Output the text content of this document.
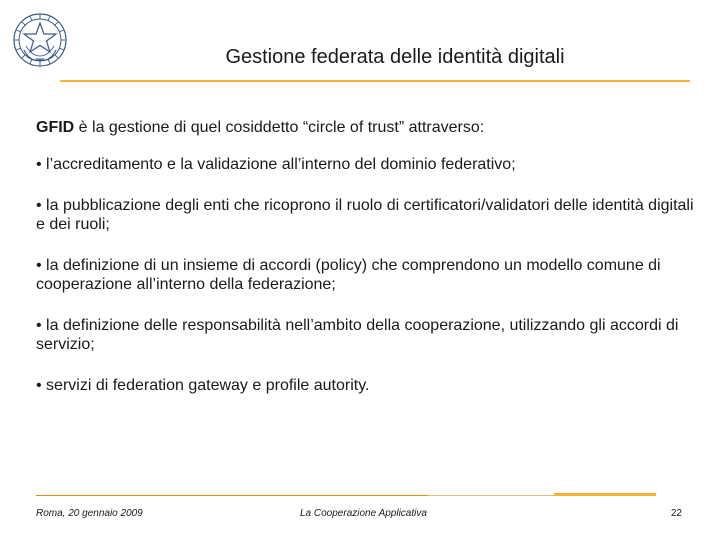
Gestione federata delle identità digitali

GFID è la gestione di quel cosiddetto “circle of trust” attraverso:

• l’accreditamento e la validazione all’interno del dominio federativo;

• la pubblicazione degli enti che ricoprono il ruolo di certificatori/validatori delle identità digitali e dei ruoli;

• la definizione di un insieme di accordi (policy) che comprendono un modello comune di cooperazione all’interno della federazione;

• la definizione delle responsabilità nell’ambito della cooperazione, utilizzando gli accordi di servizio;

• servizi di federation gateway e profile autority.

Roma, 20 gennaio 2009	La Cooperazione Applicativa	22
